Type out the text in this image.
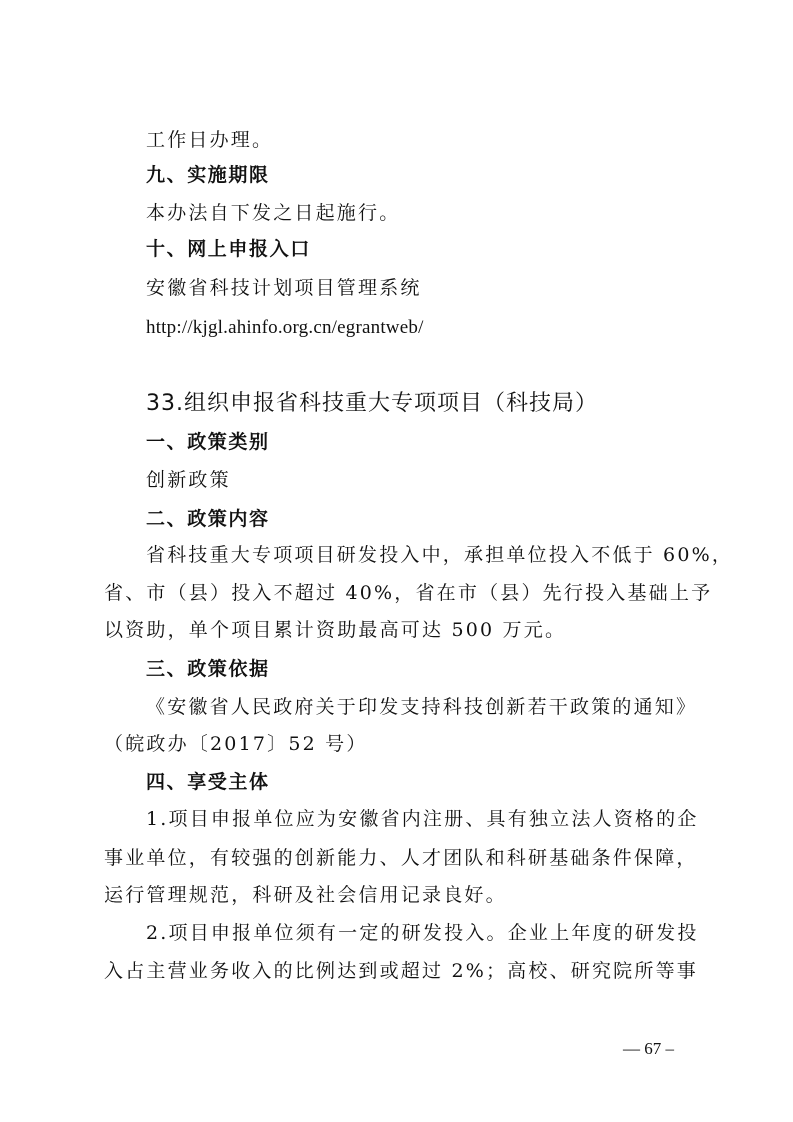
工作日办理。
九、实施期限
本办法自下发之日起施行。
十、网上申报入口
安徽省科技计划项目管理系统
http://kjgl.ahinfo.org.cn/egrantweb/
33.组织申报省科技重大专项项目（科技局）
一、政策类别
创新政策
二、政策内容
省科技重大专项项目研发投入中，承担单位投入不低于 60%，
省、市（县）投入不超过 40%，省在市（县）先行投入基础上予
以资助，单个项目累计资助最高可达 500 万元。
三、政策依据
《安徽省人民政府关于印发支持科技创新若干政策的通知》
（皖政办〔2017〕52 号）
四、享受主体
1.项目申报单位应为安徽省内注册、具有独立法人资格的企
事业单位，有较强的创新能力、人才团队和科研基础条件保障，
运行管理规范，科研及社会信用记录良好。
2.项目申报单位须有一定的研发投入。企业上年度的研发投
入占主营业务收入的比例达到或超过 2%；高校、研究院所等事
— 67 –
